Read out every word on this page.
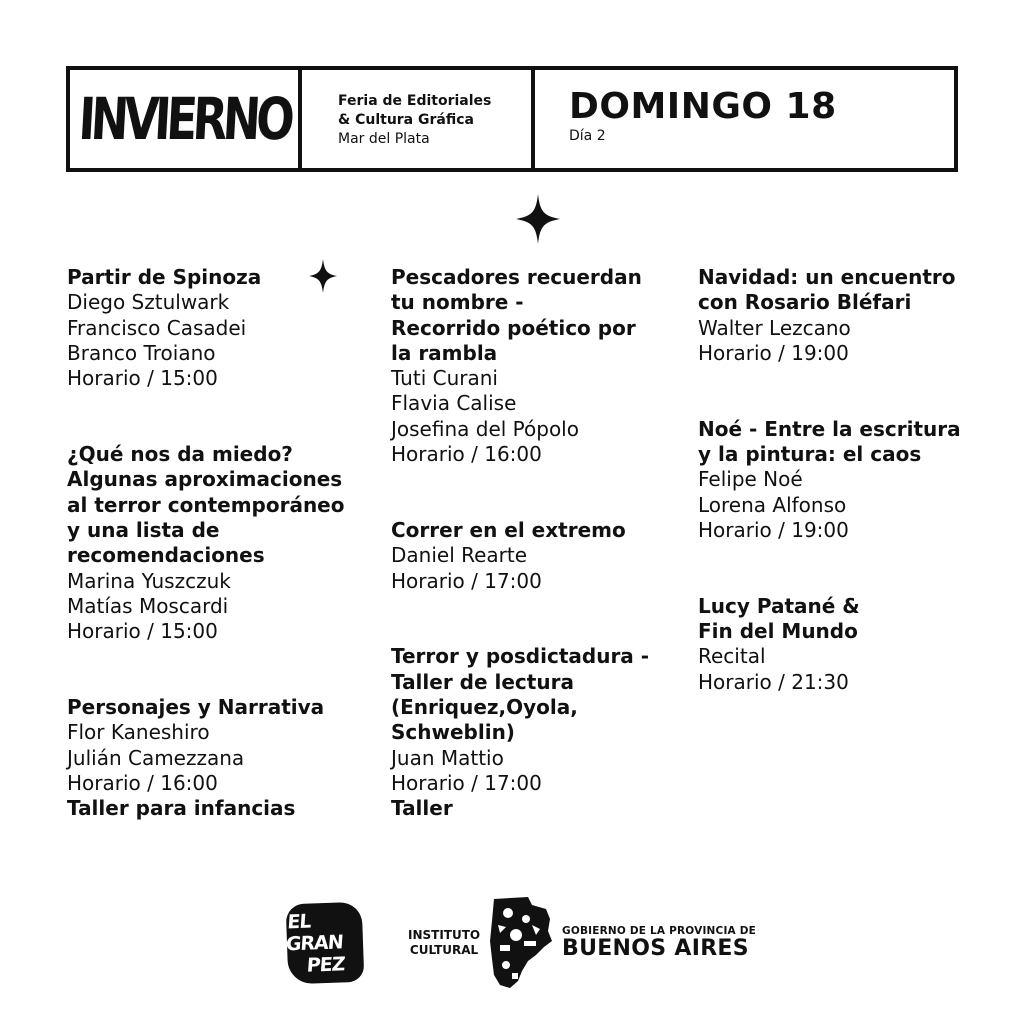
INVIERNO	Feria de Editoriales
& Cultura Gráfica
Mar del Plata
DOMINGO 18
Día 2
Partir de Spinoza
Diego Sztulwark
Francisco Casadei
Branco Troiano
Horario / 15:00
¿Qué nos da miedo?
Algunas aproximaciones
al terror contemporáneo
y una lista de
recomendaciones
Marina Yuszczuk
Matías Moscardi
Horario / 15:00
Personajes y Narrativa
Flor Kaneshiro
Julián Camezzana
Horario / 16:00
Taller para infancias
Pescadores recuerdan
tu nombre -
Recorrido poético por
la rambla
Tuti Curani
Flavia Calise
Josefina del Pópolo
Horario / 16:00
Correr en el extremo
Daniel Rearte
Horario / 17:00
Terror y posdictadura -
Taller de lectura
(Enriquez,Oyola,
Schweblin)
Juan Mattio
Horario / 17:00
Taller
Navidad: un encuentro
con Rosario Bléfari
Walter Lezcano
Horario / 19:00
Noé - Entre la escritura
y la pintura: el caos
Felipe Noé
Lorena Alfonso
Horario / 19:00
Lucy Patané &
Fin del Mundo
Recital
Horario / 21:30
EL GRAN
PEZ
INSTITUTO
CULTURAL
GOBIERNO DE LA PROVINCIA DE
BUENOS AIRES
